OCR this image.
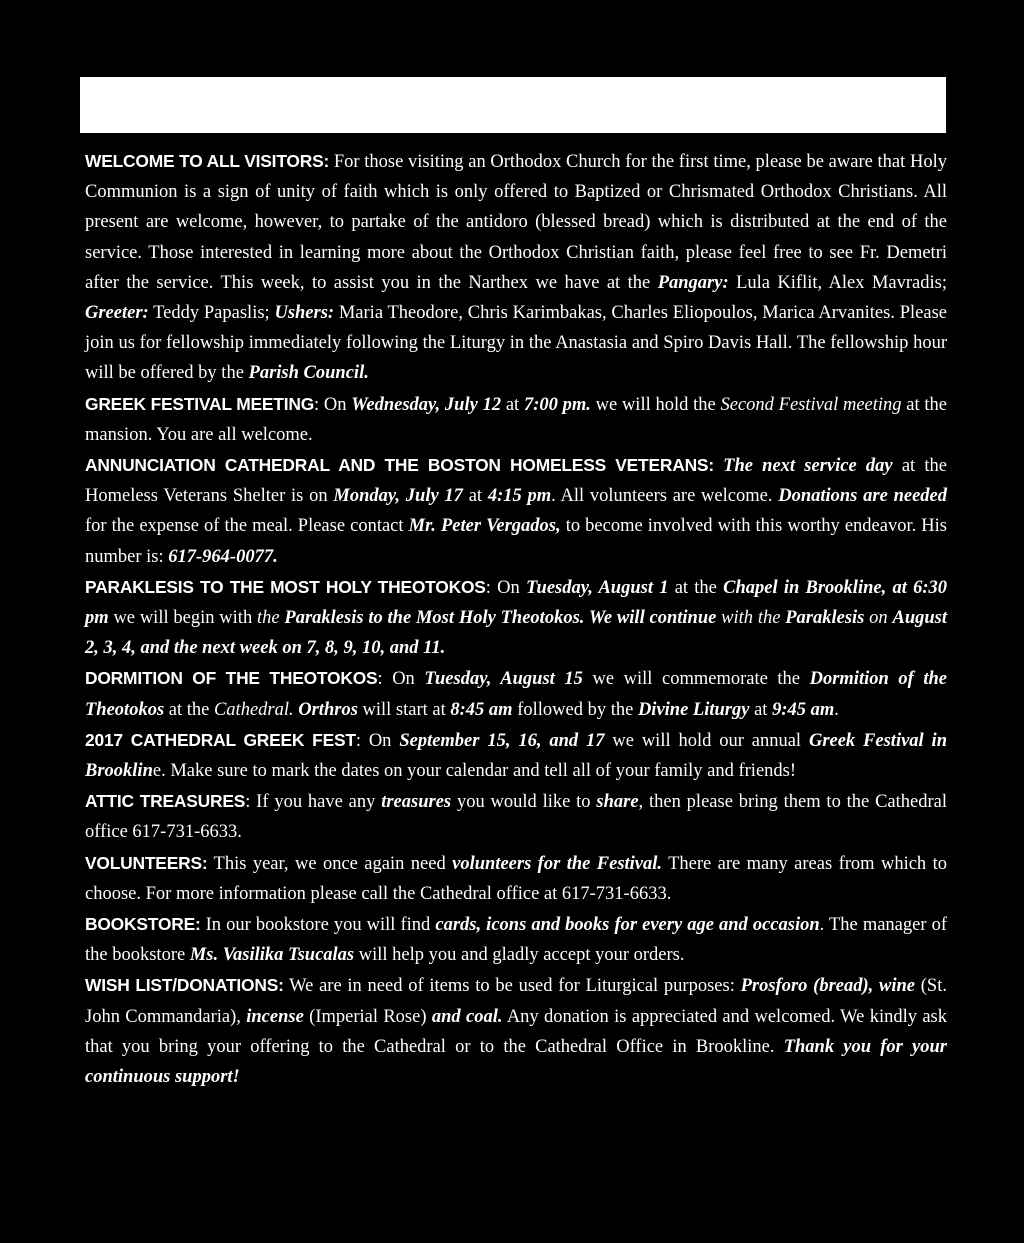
WELCOME TO ALL VISITORS: For those visiting an Orthodox Church for the first time, please be aware that Holy Communion is a sign of unity of faith which is only offered to Baptized or Chrismated Orthodox Christians. All present are welcome, however, to partake of the antidoro (blessed bread) which is distributed at the end of the service. Those interested in learning more about the Orthodox Christian faith, please feel free to see Fr. Demetri after the service. This week, to assist you in the Narthex we have at the Pangary: Lula Kiflit, Alex Mavradis; Greeter: Teddy Papaslis; Ushers: Maria Theodore, Chris Karimbakas, Charles Eliopoulos, Marica Arvanites. Please join us for fellowship immediately following the Liturgy in the Anastasia and Spiro Davis Hall. The fellowship hour will be offered by the Parish Council.

GREEK FESTIVAL MEETING: On Wednesday, July 12 at 7:00 pm. we will hold the Second Festival meeting at the mansion. You are all welcome.

ANNUNCIATION CATHEDRAL AND THE BOSTON HOMELESS VETERANS: The next service day at the Homeless Veterans Shelter is on Monday, July 17 at 4:15 pm. All volunteers are welcome. Donations are needed for the expense of the meal. Please contact Mr. Peter Vergados, to become involved with this worthy endeavor. His number is: 617-964-0077.

PARAKLESIS TO THE MOST HOLY THEOTOKOS: On Tuesday, August 1 at the Chapel in Brookline, at 6:30 pm we will begin with the Paraklesis to the Most Holy Theotokos. We will continue with the Paraklesis on August 2, 3, 4, and the next week on 7, 8, 9, 10, and 11.

DORMITION OF THE THEOTOKOS: On Tuesday, August 15 we will commemorate the Dormition of the Theotokos at the Cathedral. Orthros will start at 8:45 am followed by the Divine Liturgy at 9:45 am.

2017 CATHEDRAL GREEK FEST: On September 15, 16, and 17 we will hold our annual Greek Festival in Brookline. Make sure to mark the dates on your calendar and tell all of your family and friends!

ATTIC TREASURES: If you have any treasures you would like to share, then please bring them to the Cathedral office 617-731-6633.

VOLUNTEERS: This year, we once again need volunteers for the Festival. There are many areas from which to choose. For more information please call the Cathedral office at 617-731-6633.

BOOKSTORE: In our bookstore you will find cards, icons and books for every age and occasion. The manager of the bookstore Ms. Vasilika Tsucalas will help you and gladly accept your orders.

WISH LIST/DONATIONS: We are in need of items to be used for Liturgical purposes: Prosforo (bread), wine (St. John Commandaria), incense (Imperial Rose) and coal. Any donation is appreciated and welcomed. We kindly ask that you bring your offering to the Cathedral or to the Cathedral Office in Brookline. Thank you for your continuous support!
